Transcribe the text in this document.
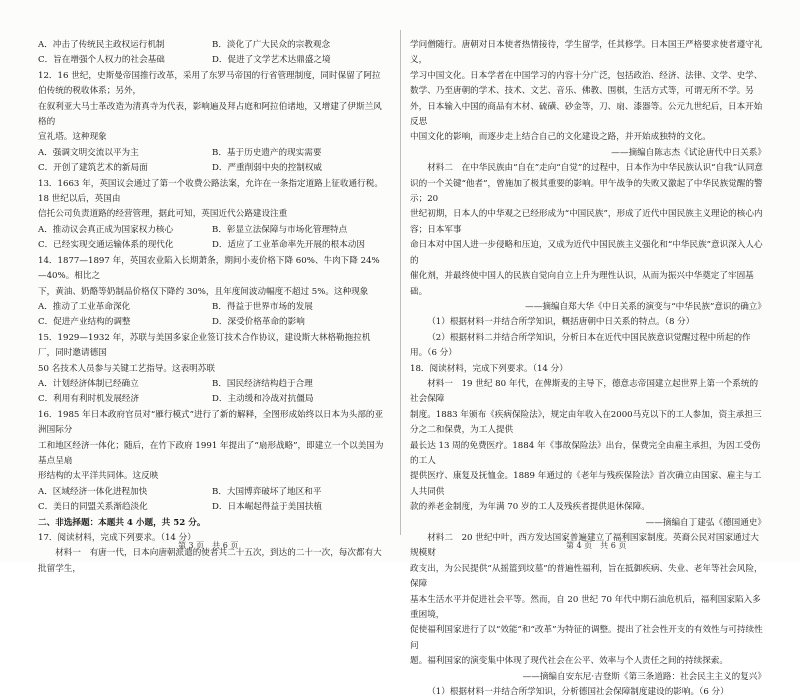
A．冲击了传统民主政权运行机制	B．淡化了广大民众的宗教观念
C．旨在增强个人权力的社会基础	D．促进了文学艺术达鼎盛之境
12．16 世纪，史斯曼帝国推行改革，采用了东罗马帝国的行省管理制度，同时保留了阿拉伯传统的税收体系；另外，
在叙利亚大马士革改造为清真寺为代表，影响遍及拜占庭和阿拉伯诸地，又增建了伊斯兰风格的
宣礼塔。这种现象
A．强调文明交流以平为主	B．基于历史遗产的现实需要
C．开创了建筑艺术的新局面	D．严重削弱中央的控制权威
13．1663 年，英国议会通过了第一个收费公路法案，允许在一条指定道路上征收通行税。18 世纪以后，英国由
信托公司负责道路的经营管理，据此可知，英国近代公路建设注重
A．推动议会真正成为国家权力核心	B．彰显立法保障与市场化管理特点
C．已经实现交通运输体系的现代化	D．适应了工业革命率先开展的根本动因
14．1877—1897 年，英国农业陷入长期萧条，期间小麦价格下降 60%、牛肉下降 24%—40%。相比之
下，黄油、奶酪等奶制品价格仅下降约 30%，且年度间波动幅度不超过 5%。这种现象
A．推动了工业革命深化	B．得益于世界市场的发展
C．促进产业结构的调整	D．深受价格革命的影响
15．1929—1932 年，苏联与美国多家企业签订技术合作协议，建设斯大林格勒拖拉机厂，同时邀请德国
50 名技术人员参与关键工艺指导。这表明苏联
A．计划经济体制已经确立	B．国民经济结构趋于合理
C．利用有利时机发展经济	D．主动缓和冷战对抗僵局
16．1985 年日本政府官员对“雁行模式”进行了新的解释，全图形成始终以日本为头部的亚洲国际分
工和地区经济一体化；随后，在竹下政府 1991 年提出了“扇形战略”，即建立一个以美国为基点呈扇
形结构的太平洋共同体。这反映
A．区域经济一体化进程加快	B．大国博弈破坏了地区和平
C．美日的同盟关系渐趋淡化	D．日本崛起得益于美国扶植
二、非选择题：本题共 4 小题，共 52 分。
17．阅读材料，完成下列要求。（14 分）
材料一　有唐一代，日本向唐朝派遣的使者共二十五次，到达的二十一次，每次都有大批留学生，
学问僧随行。唐朝对日本使者热情接待，学生留学，任其修学。日本国王严格要求使者遵守礼义，
学习中国文化。日本学者在中国学习的内容十分广泛，包括政治、经济、法律、文学、史学、
数学、乃至唐朝的学术、技术、文艺、音乐、佛教、围棋，生活方式等，可谓无所不学。另
外，日本输入中国的商品有木材、硫磺、砂金等，刀、扇、漆器等。公元九世纪后，日本开始反思
中国文化的影响，而逐步走上结合自己的文化建设之路，并开始成独特的文化。
——摘编自陈志杰《试论唐代中日关系》
材料二　在中华民族由“自在”走向“自觉”的过程中，日本作为中华民族认识“自我”认同意
识的一个关键“他者”，曾施加了极其重要的影响。甲午战争的失败又激起了中华民族觉醒的警示；20
世纪初期，日本人的中华观之已经形成为“中国民族”，形成了近代中国民族主义理论的核心内容；日本军事
命日本对中国人进一步侵略和压迫，又成为近代中国民族主义强化和“中华民族”意识深入人心的
催化剂，并最终使中国人的民族自觉向自立上升为理性认识，从而为振兴中华奠定了牢固基础。
——摘编自郑大华《中日关系的演变与“中华民族”意识的确立》
（1）根据材料一并结合所学知识，概括唐朝中日关系的特点。（8 分）
（2）根据材料二并结合所学知识，分析日本在近代中国民族意识觉醒过程中所起的作用。（6 分）
18．阅读材料，完成下列要求。（14 分）
材料一　19 世纪 80 年代，在俾斯麦的主导下，德意志帝国建立起世界上第一个系统的社会保障
制度。1883 年颁布《疾病保险法》，规定由年收入在2000马克以下的工人参加，资主承担三分之二和保费，为工人提供
最长达 13 周的免费医疗。1884 年《事故保险法》出台，保费完全由雇主承担，为因工受伤的工人
提供医疗、康复及抚恤金。1889 年通过的《老年与残疾保险法》首次确立由国家、雇主与工人共同供
款的养老金制度，为年满 70 岁的工人及残疾者提供退休保障。
——摘编自丁建弘《德国通史》
材料二　20 世纪中叶，西方发达国家普遍建立了福利国家制度。英裔公民对国家通过大规模财
政支出，为公民提供“从摇篮到坟墓”的普遍性福利，旨在抵御疾病、失业、老年等社会风险，保障
基本生活水平并促进社会平等。然而，自 20 世纪 70 年代中期石油危机后，福利国家陷入多重困境，
促使福利国家进行了以“效能”和“改革”为特征的调整。提出了社会性开支的有效性与可持续性问
题。福利国家的演变集中体现了现代社会在公平、效率与个人责任之间的持续探索。
——摘编自安东尼·吉登斯《第三条道路：社会民主主义的复兴》
（1）根据材料一并结合所学知识，分析德国社会保障制度建设的影响。（6 分）
第 3 页　共 6 页	第 4 页　共 6 页
